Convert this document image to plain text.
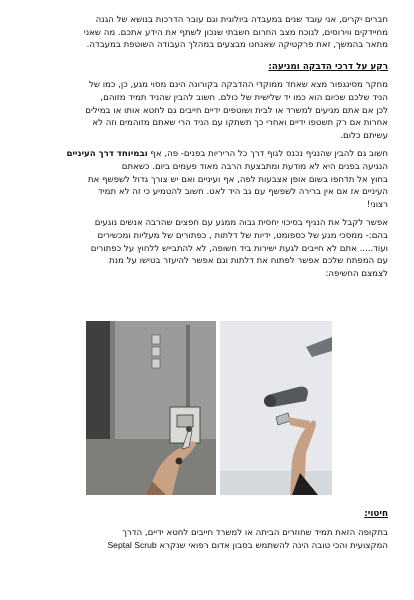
חברים יקרים, אני עובד שנים במעבדה ביולוגית וגם עובר הדרכות בנושא של הגנה

מחיידקים ווירוסים, לנוכח מצב החרום חשבתי שנכון לשתף את הידע אתכם. מה שאני

מתאר בהמשך, זאת פרקטיקה שאנחנו מבצעים במהלך העבודה השוטפת במעבדה.

רקע על דרכי הדבקה ומניעה:

מחקר מסינגפור מצא שאחד ממוקדי ההדבקה בקורונה הינם מסוי מגע, כן, כמו של

הניד שלכם שכיום הוא כמו יד שלישית של כולם. חשוב להבין שהניד תמיד מזוהם,

לכן אם אתם מגיעים למשרד או לבית ושוטפים ידיים חייבים גם לחטא אותו או במילים

אחרות אם רק תשטפו ידיים ואחרי כך תשתקו עם הניד הרי שאתם מזוהמים וזה לא

עשיתם כלום.

חשוב גם להבין שהנגיף נכנס לגוף דרך כל הריריות בפנים- פה, אף ובמיוחד דרך העיניים

הנגיעה בפנים היא לא מודעת ומתבצעת הרבה מאוד פעמים ביום. כשאתם

בחוץ אל תדחפו בשום אופן אצבעות לפה, אף ועיניים ואם יש צורך גדול לשפשף את

העיניים אז אם אין ברירה לשפשף עם גב היד לאט. חשוב להטמיע כי זה לא תמיד

רצוני!

אפשר לקבל את הנגיף בסיכוי יחסית גבוה ממגע עם חפצים שהרבה אנשים נוגעים

בהם:- ממסכי מגע של כספומט, ידיות של דלתות , כפתורים של מעליות ומכשירים

ועוד..... אתם לא חייבים לגעת ישירות ביד חשופה, לא להתבייש ללחוץ על כפתורים

עם המפתח שלכם אפשר לפתוח את דלתות וגם אפשר להיעזר בטישו על מנת

לצמצם החשיפה:

חיטוי:

בתקופה הזאת תמיד שחוזרים הביתה או למשרד חייבים לחטא ידיים, הדרך

המקצועית והכי טובה הינה להשתמש בסבון אדום רפואי שנקרא Septal Scrub
